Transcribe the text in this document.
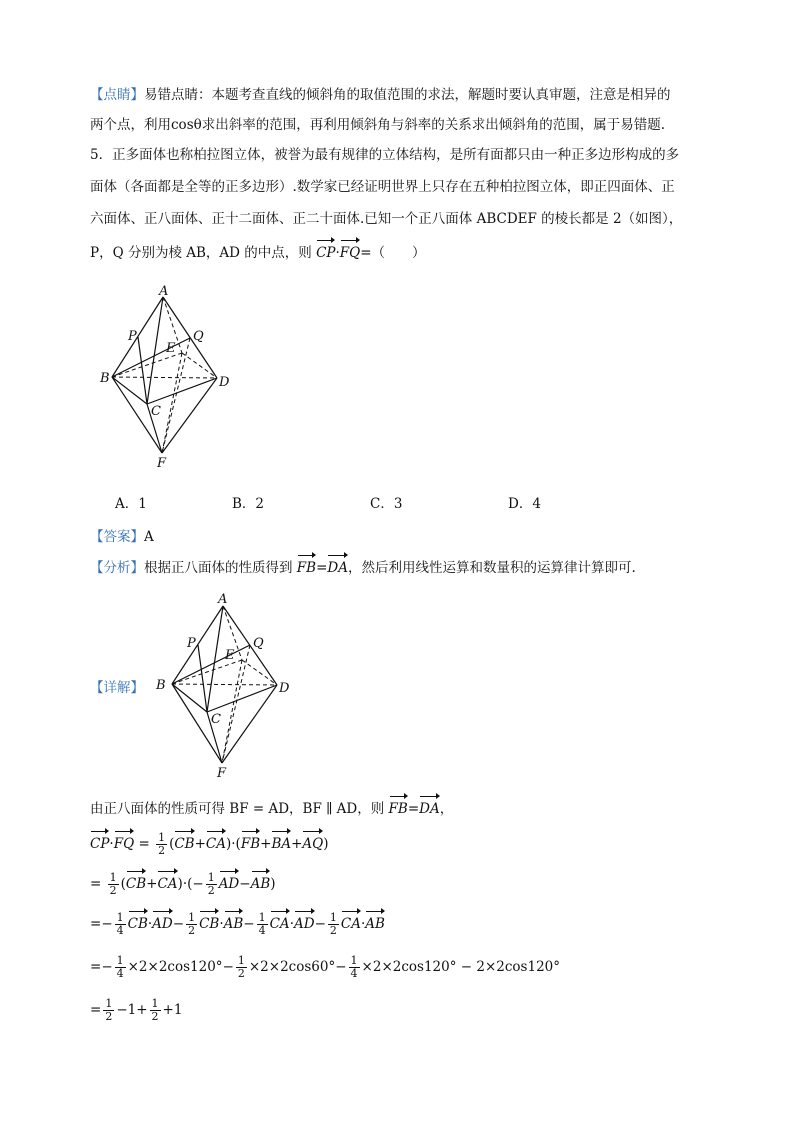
【点睛】易错点睛：本题考查直线的倾斜角的取值范围的求法，解题时要认真审题，注意是相异的
两个点，利用cosθ求出斜率的范围，再利用倾斜角与斜率的关系求出倾斜角的范围，属于易错题.
5．正多面体也称柏拉图立体，被誉为最有规律的立体结构，是所有面都只由一种正多边形构成的多
面体（各面都是全等的正多边形）.数学家已经证明世界上只存在五种柏拉图立体，即正四面体、正
六面体、正八面体、正十二面体、正二十面体.已知一个正八面体 ABCDEF 的棱长都是 2（如图），
P，Q 分别为棱 AB，AD 的中点，则 CP·FQ=（　　）
A
B
C
D
E
F
P	Q
A．1	B．2	C．3	D．4
【答案】A
【分析】根据正八面体的性质得到 FB=DA，然后利用线性运算和数量积的运算律计算即可.
【详解】
A
B
C
D
E
F
P	Q
由正八面体的性质可得 BF = AD，BF ∥ AD，则 FB=DA，
$CP\cdot FQ = \frac{1}{2} (CB+CA)\cdot(FB+BA+AQ)$
= $\frac{1}{2} (CB+CA)\cdot(- \frac{1}{2} AD-AB)$
=− $\frac{1}{4} CB\cdot AD- \frac{1}{2} CB\cdot AB- \frac{1}{4} CA\cdot AD- \frac{1}{2} CA\cdot AB$
=− $\frac{1}{4} \times 2\times 2\cos 120^\circ- \frac{1}{2} \times 2\times 2\cos 60^\circ- \frac{1}{4} \times 2\times 2\cos 120^\circ - 2\times 2\cos 120^\circ$
= $\frac{1}{2} -1+ \frac{1}{2} +1$
